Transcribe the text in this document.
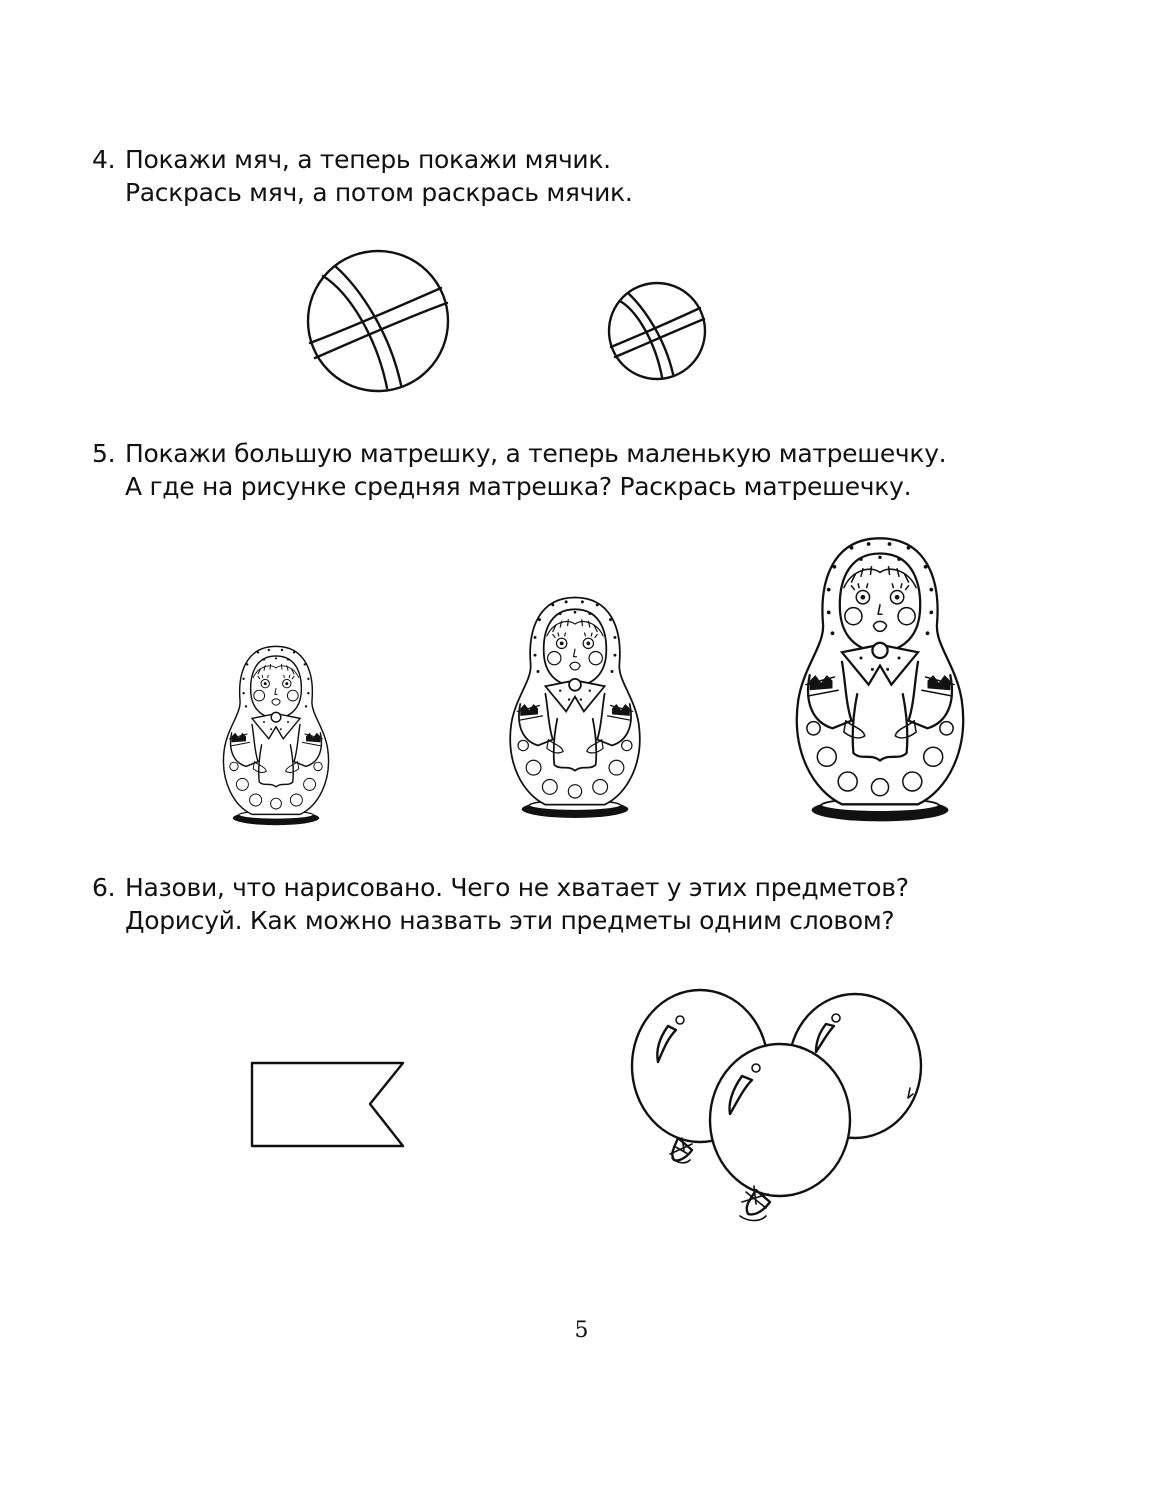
4. Покажи мяч, а теперь покажи мячик.
Раскрась мяч, а потом раскрась мячик.
5. Покажи большую матрешку, а теперь маленькую матрешечку.
А где на рисунке средняя матрешка? Раскрась матрешечку.
6. Назови, что нарисовано. Чего не хватает у этих предметов?
Дорисуй. Как можно назвать эти предметы одним словом?
5
